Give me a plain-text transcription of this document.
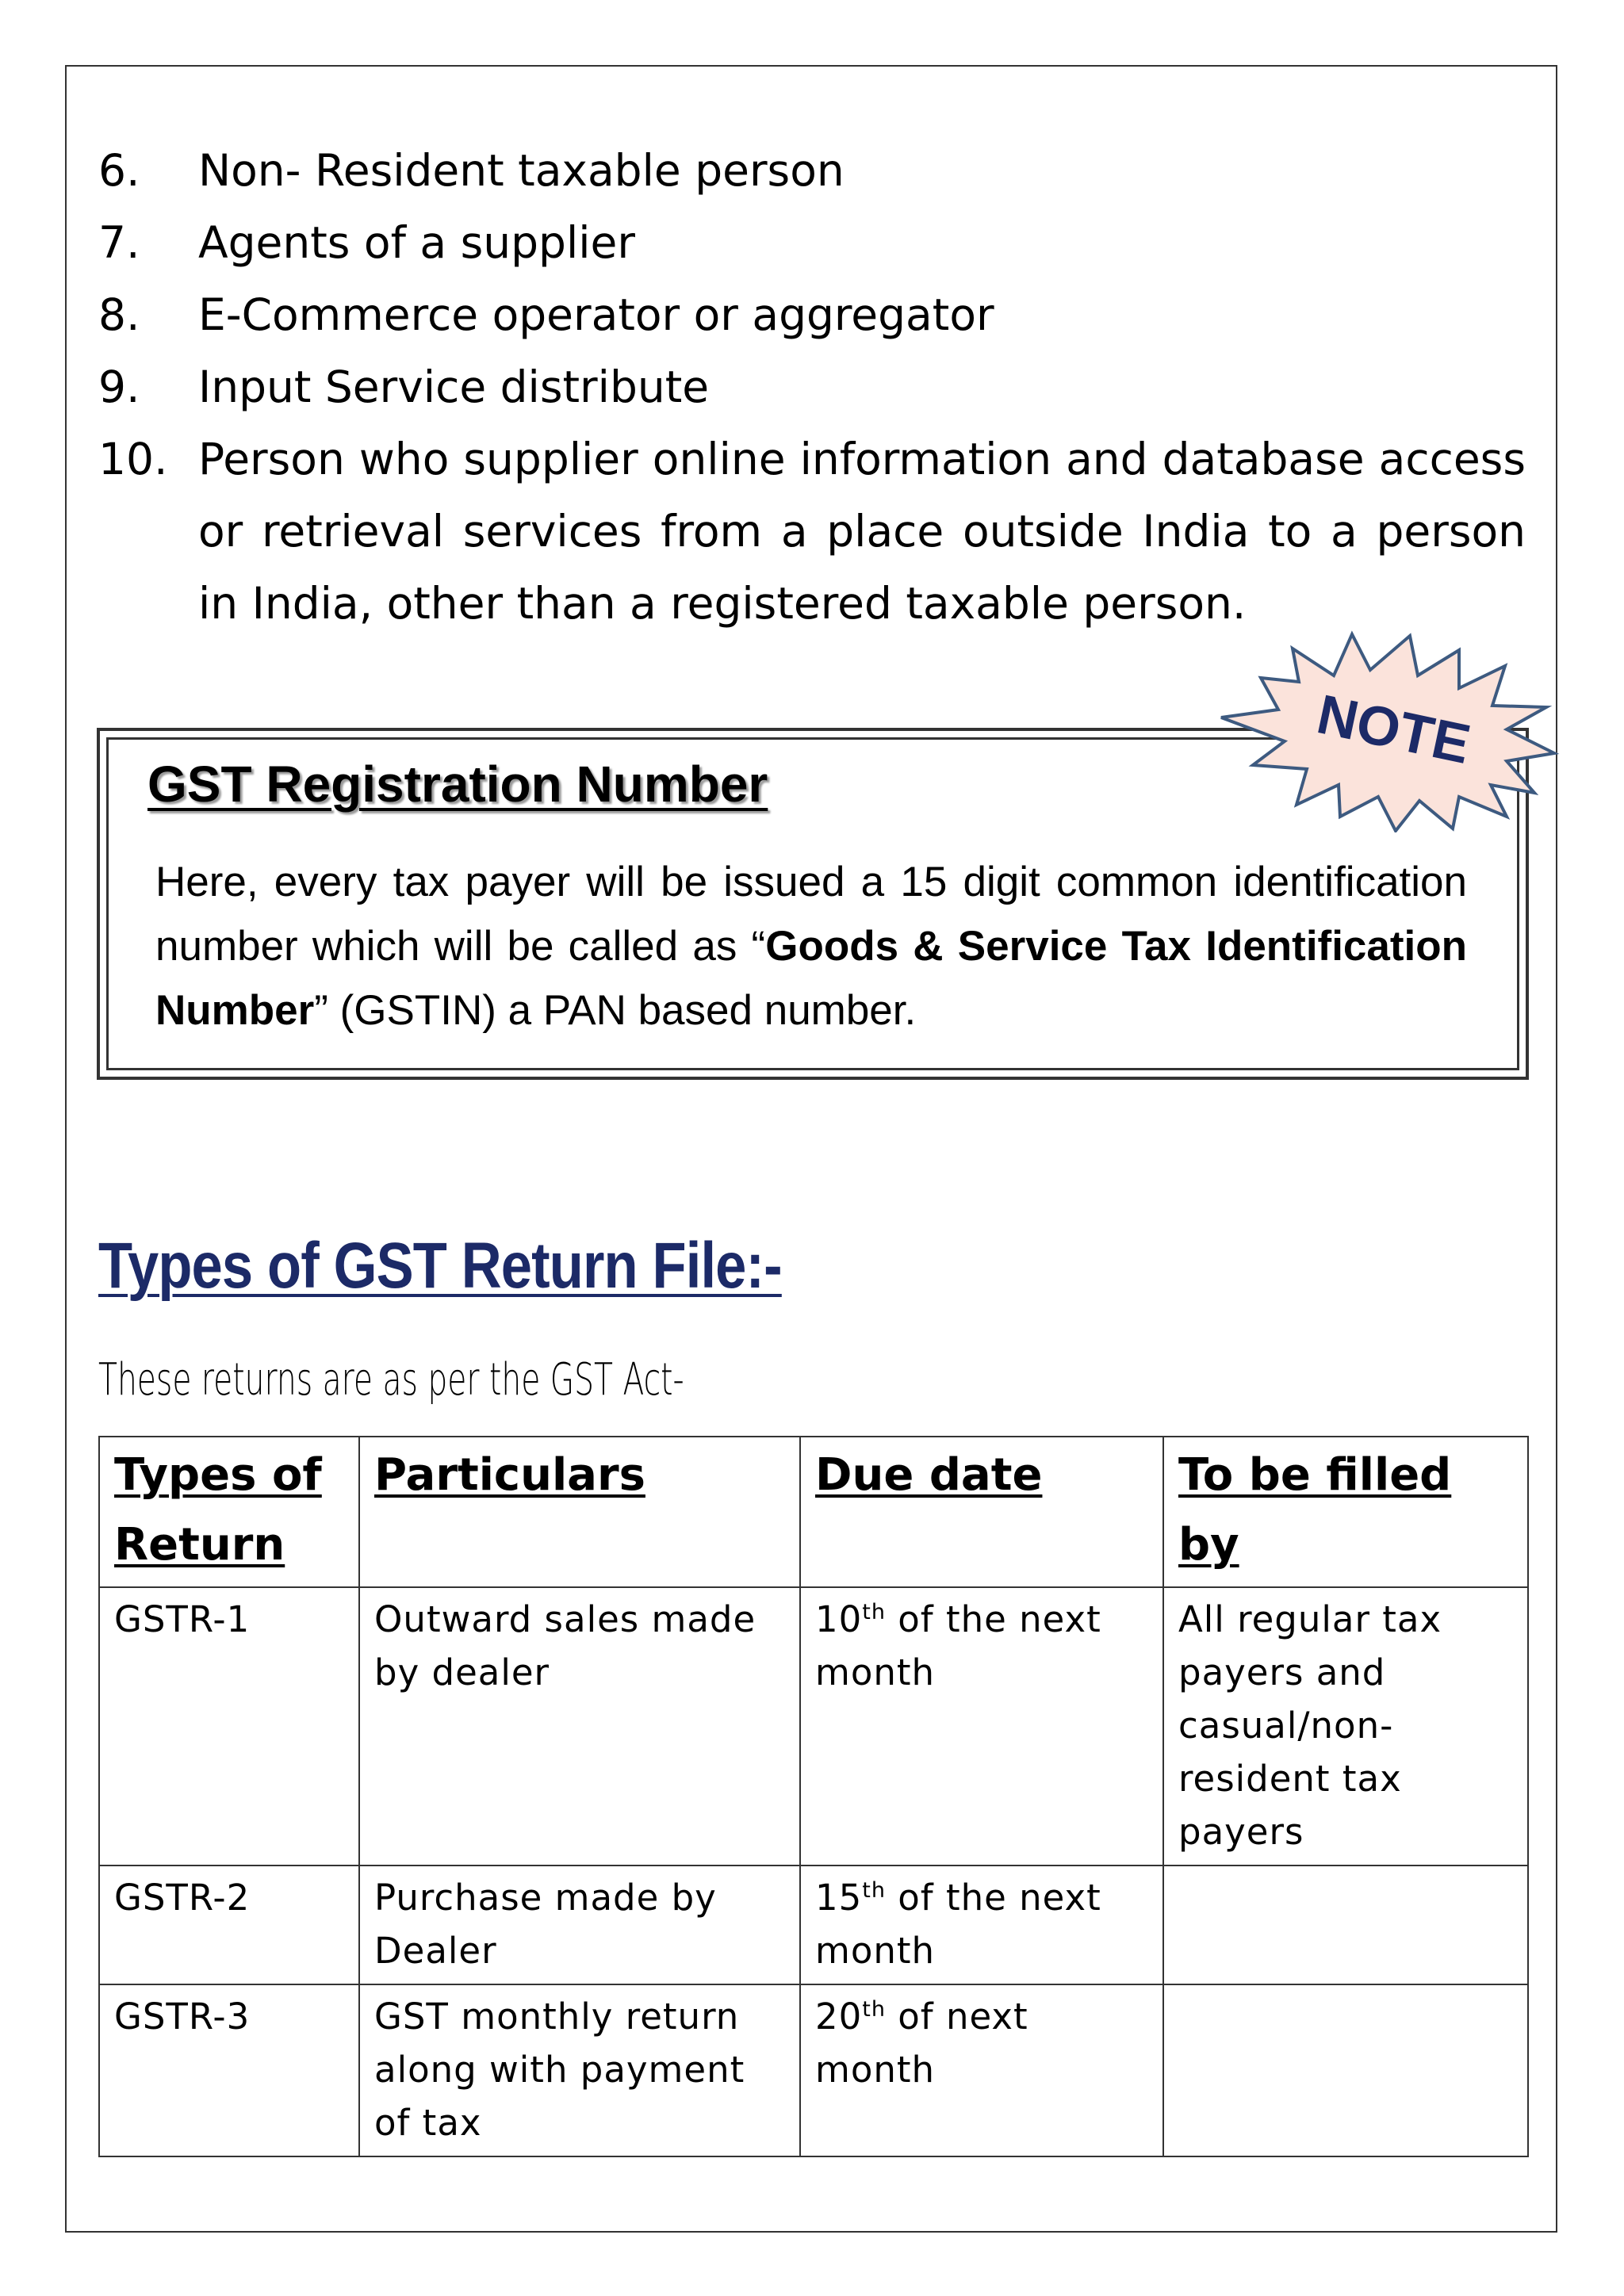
6.	Non- Resident taxable person
7.	Agents of a supplier
8.	E-Commerce operator or aggregator
9.	Input Service distribute
10. Person who supplier online information and database access or retrieval services from a place outside India to a person in India, other than a registered taxable person.
GST Registration Number

Here, every tax payer will be issued a 15 digit common identification number which will be called as “Goods & Service Tax Identification Number” (GSTIN) a PAN based number.

NOTE
Types of GST Return File:-

These returns are as per the GST Act-

Types of Return	Particulars	Due date	To be filled by
GSTR-1	Outward sales made by dealer	10th of the next month	All regular tax payers and casual/non-resident tax payers
GSTR-2	Purchase made by Dealer	15th of the next month	
GSTR-3	GST monthly return along with payment of tax	20th of next month	
